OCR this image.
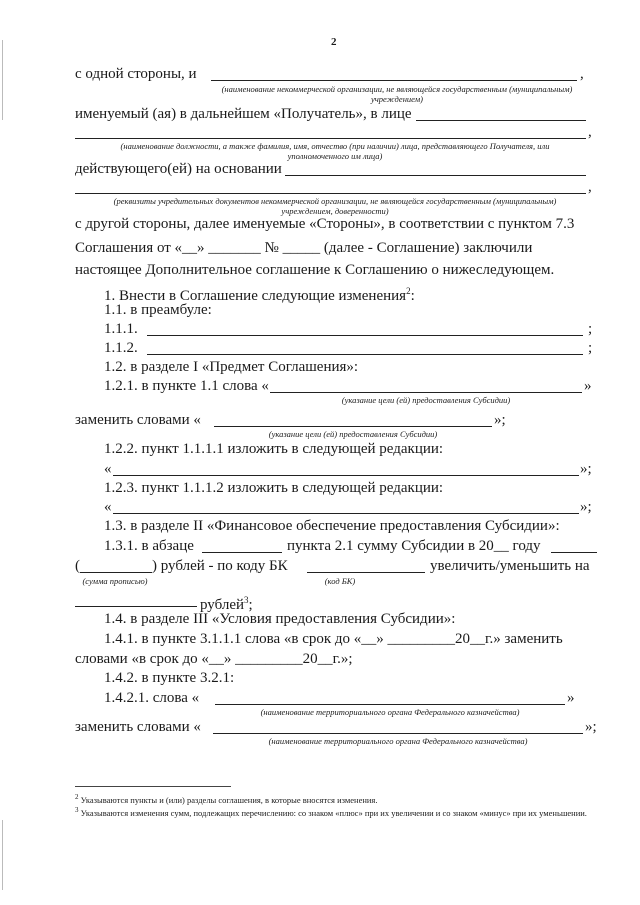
2
с одной стороны, и	,
(наименование некоммерческой организации, не являющейся государственным (муниципальным) учреждением)
именуемый (ая) в дальнейшем «Получатель», в лице
,
(наименование должности, а также фамилия, имя, отчество (при наличии) лица, представляющего Получателя, или уполномоченного им лица)
действующего(ей) на основании
,
(реквизиты учредительных документов некоммерческой организации, не являющейся государственным (муниципальным) учреждением, доверенности)
с другой стороны, далее именуемые «Стороны», в соответствии с пунктом 7.3
Соглашения от «__» _______ № _____ (далее - Соглашение) заключили
настоящее Дополнительное соглашение к Соглашению о нижеследующем.
1. Внести в Соглашение следующие изменения$^2$:
1.1. в преамбуле:
1.1.1.	;
1.1.2.	;
1.2. в разделе I «Предмет Соглашения»:
1.2.1. в пункте 1.1 слова «	»
(указание цели (ей) предоставления Субсидии)
заменить словами «	»;
(указание цели (ей) предоставления Субсидии)
1.2.2. пункт 1.1.1.1 изложить в следующей редакции:
«	»;
1.2.3. пункт 1.1.1.2 изложить в следующей редакции:
«	»;
1.3. в разделе II «Финансовое обеспечение предоставления Субсидии»:
1.3.1. в абзаце	пункта 2.1 сумму Субсидии в 20__ году
(	) рублей - по коду БК	увеличить/уменьшить на
(сумма прописью)	(код БК)
рублей$^3$;
1.4. в разделе III «Условия предоставления Субсидии»:
1.4.1. в пункте 3.1.1.1 слова «в срок до «__» _________20__г.» заменить
словами «в срок до «__» _________20__г.»;
1.4.2. в пункте 3.2.1:
1.4.2.1. слова «	»
(наименование территориального органа Федерального казначейства)
заменить словами «	»;
(наименование территориального органа Федерального казначейства)
$^2$ Указываются пункты и (или) разделы соглашения, в которые вносятся изменения.
$^3$ Указываются изменения сумм, подлежащих перечислению: со знаком «плюс» при их увеличении и со знаком «минус» при их уменьшении.
